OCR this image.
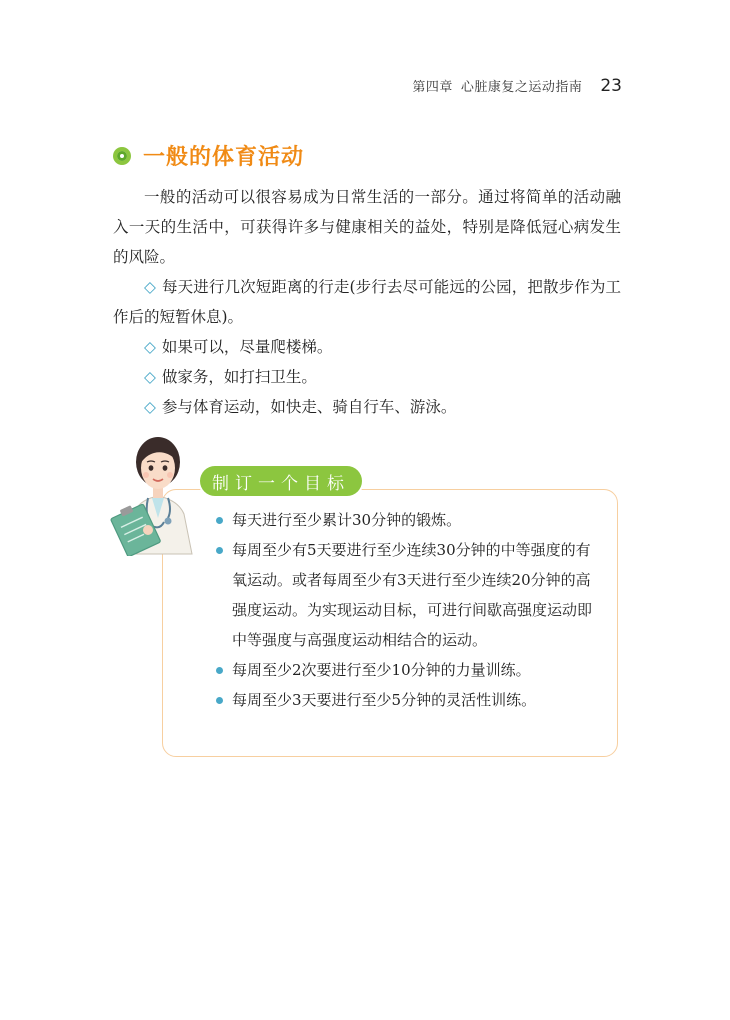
第四章 心脏康复之运动指南 23
一般的体育活动

一般的活动可以很容易成为日常生活的一部分。通过将简单的活动融入一天的生活中，可获得许多与健康相关的益处，特别是降低冠心病发生的风险。

◇ 每天进行几次短距离的行走(步行去尽可能远的公园，把散步作为工作后的短暂休息)。

◇ 如果可以，尽量爬楼梯。

◇ 做家务，如打扫卫生。

◇ 参与体育运动，如快走、骑自行车、游泳。

制订一个目标
每天进行至少累计30分钟的锻炼。
每周至少有5天要进行至少连续30分钟的中等强度的有氧运动。或者每周至少有3天进行至少连续20分钟的高强度运动。为实现运动目标，可进行间歇高强度运动即中等强度与高强度运动相结合的运动。
每周至少2次要进行至少10分钟的力量训练。
每周至少3天要进行至少5分钟的灵活性训练。
